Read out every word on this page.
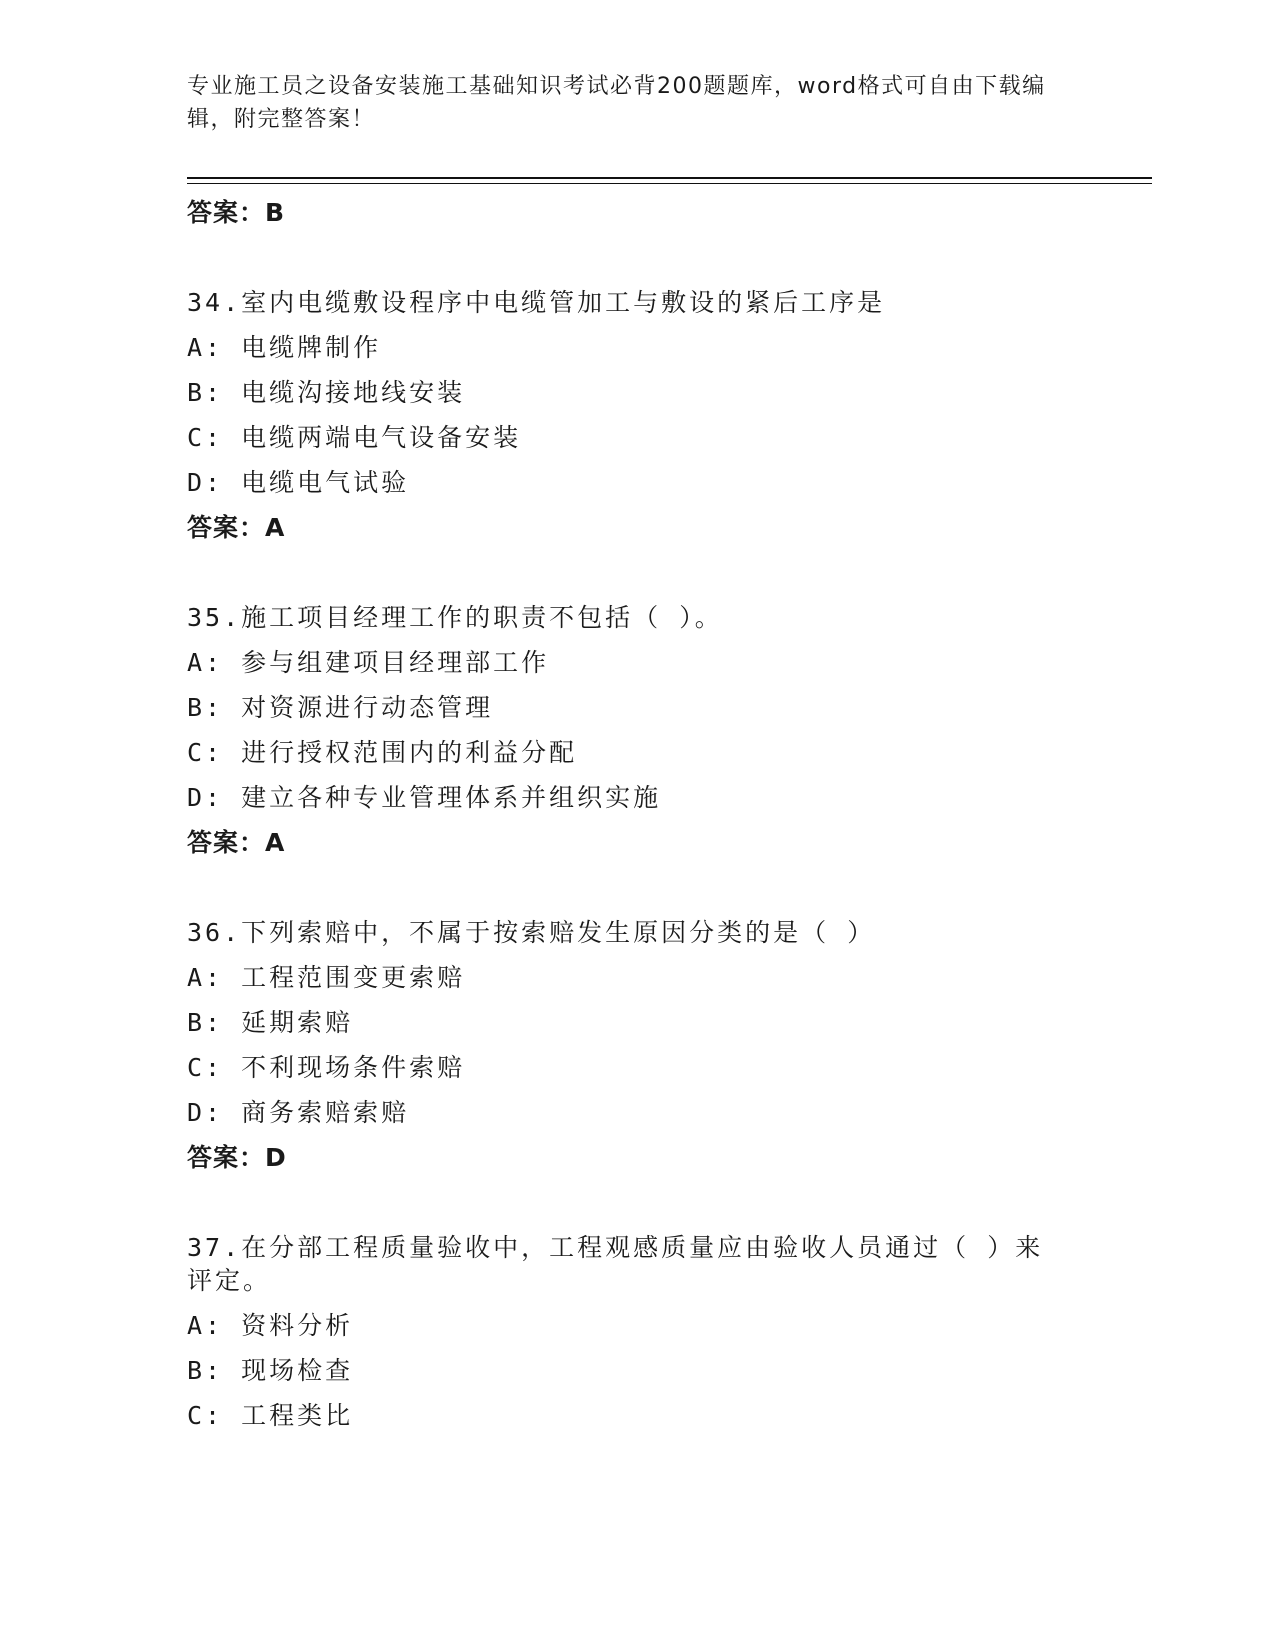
专业施工员之设备安装施工基础知识考试必背200题题库，word格式可自由下载编辑，附完整答案！
答案：B
34.室内电缆敷设程序中电缆管加工与敷设的紧后工序是
A: 电缆牌制作
B: 电缆沟接地线安装
C: 电缆两端电气设备安装
D: 电缆电气试验
答案：A
35.施工项目经理工作的职责不包括（ ）。
A: 参与组建项目经理部工作
B: 对资源进行动态管理
C: 进行授权范围内的利益分配
D: 建立各种专业管理体系并组织实施
答案：A
36.下列索赔中，不属于按索赔发生原因分类的是（ ）
A: 工程范围变更索赔
B: 延期索赔
C: 不利现场条件索赔
D: 商务索赔索赔
答案：D
37.在分部工程质量验收中，工程观感质量应由验收人员通过（ ）来评定。
A: 资料分析
B: 现场检查
C: 工程类比
